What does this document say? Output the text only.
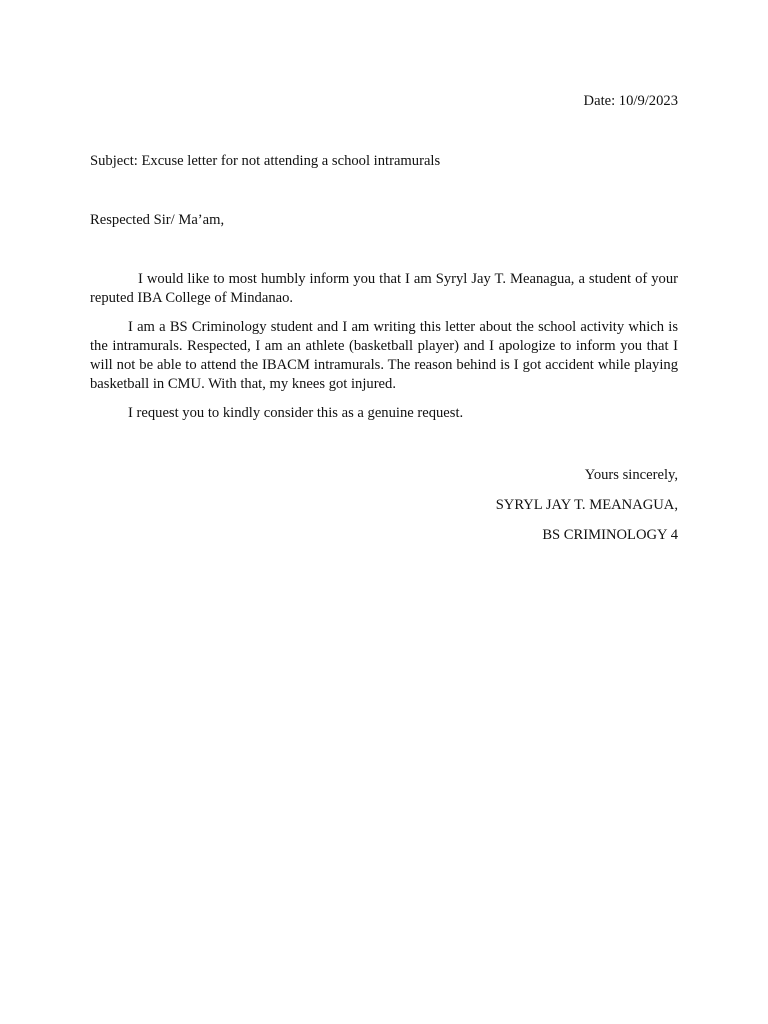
Date: 10/9/2023
Subject: Excuse letter for not attending a school intramurals
Respected Sir/ Ma’am,

I would like to most humbly inform you that I am Syryl Jay T. Meanagua, a student of your reputed IBA College of Mindanao.

I am a BS Criminology student and I am writing this letter about the school activity which is the intramurals. Respected, I am an athlete (basketball player) and I apologize to inform you that I will not be able to attend the IBACM intramurals. The reason behind is I got accident while playing basketball in CMU. With that, my knees got injured.

I request you to kindly consider this as a genuine request.

Yours sincerely,

SYRYL JAY T. MEANAGUA,

BS CRIMINOLOGY 4
